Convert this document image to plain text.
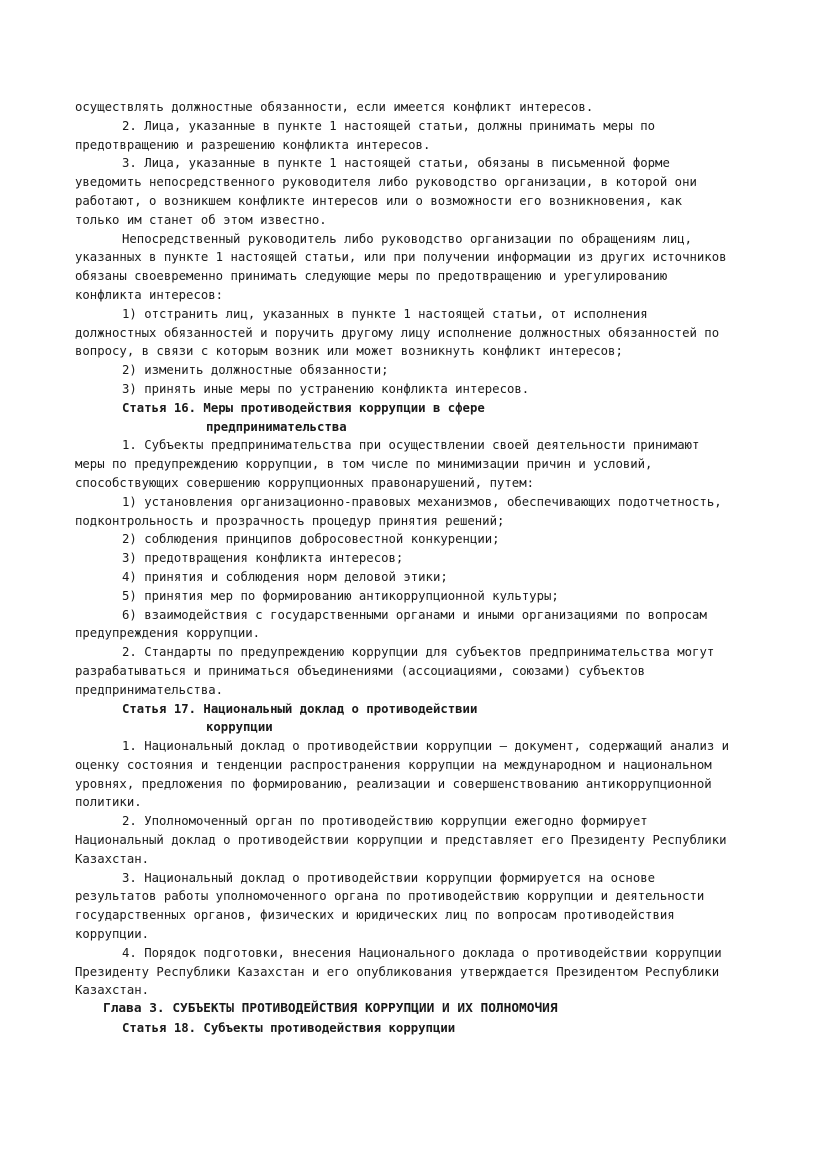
осуществлять должностные обязанности, если имеется конфликт интересов.
2. Лица, указанные в пункте 1 настоящей статьи, должны принимать меры по
предотвращению и разрешению конфликта интересов.
3. Лица, указанные в пункте 1 настоящей статьи, обязаны в письменной форме
уведомить непосредственного руководителя либо руководство организации, в которой они
работают, о возникшем конфликте интересов или о возможности его возникновения, как
только им станет об этом известно.
Непосредственный руководитель либо руководство организации по обращениям лиц,
указанных в пункте 1 настоящей статьи, или при получении информации из других источников
обязаны своевременно принимать следующие меры по предотвращению и урегулированию
конфликта интересов:
1) отстранить лиц, указанных в пункте 1 настоящей статьи, от исполнения
должностных обязанностей и поручить другому лицу исполнение должностных обязанностей по
вопросу, в связи с которым возник или может возникнуть конфликт интересов;
2) изменить должностные обязанности;
3) принять иные меры по устранению конфликта интересов.
Статья 16. Меры противодействия коррупции в сфере
предпринимательства
1. Субъекты предпринимательства при осуществлении своей деятельности принимают
меры по предупреждению коррупции, в том числе по минимизации причин и условий,
способствующих совершению коррупционных правонарушений, путем:
1) установления организационно-правовых механизмов, обеспечивающих подотчетность,
подконтрольность и прозрачность процедур принятия решений;
2) соблюдения принципов добросовестной конкуренции;
3) предотвращения конфликта интересов;
4) принятия и соблюдения норм деловой этики;
5) принятия мер по формированию антикоррупционной культуры;
6) взаимодействия с государственными органами и иными организациями по вопросам
предупреждения коррупции.
2. Стандарты по предупреждению коррупции для субъектов предпринимательства могут
разрабатываться и приниматься объединениями (ассоциациями, союзами) субъектов
предпринимательства.
Статья 17. Национальный доклад о противодействии
коррупции
1. Национальный доклад о противодействии коррупции – документ, содержащий анализ и
оценку состояния и тенденции распространения коррупции на международном и национальном
уровнях, предложения по формированию, реализации и совершенствованию антикоррупционной
политики.
2. Уполномоченный орган по противодействию коррупции ежегодно формирует
Национальный доклад о противодействии коррупции и представляет его Президенту Республики
Казахстан.
3. Национальный доклад о противодействии коррупции формируется на основе
результатов работы уполномоченного органа по противодействию коррупции и деятельности
государственных органов, физических и юридических лиц по вопросам противодействия
коррупции.
4. Порядок подготовки, внесения Национального доклада о противодействии коррупции
Президенту Республики Казахстан и его опубликования утверждается Президентом Республики
Казахстан.
Глава 3. СУБЪЕКТЫ ПРОТИВОДЕЙСТВИЯ КОРРУПЦИИ И ИХ ПОЛНОМОЧИЯ
Статья 18. Субъекты противодействия коррупции
